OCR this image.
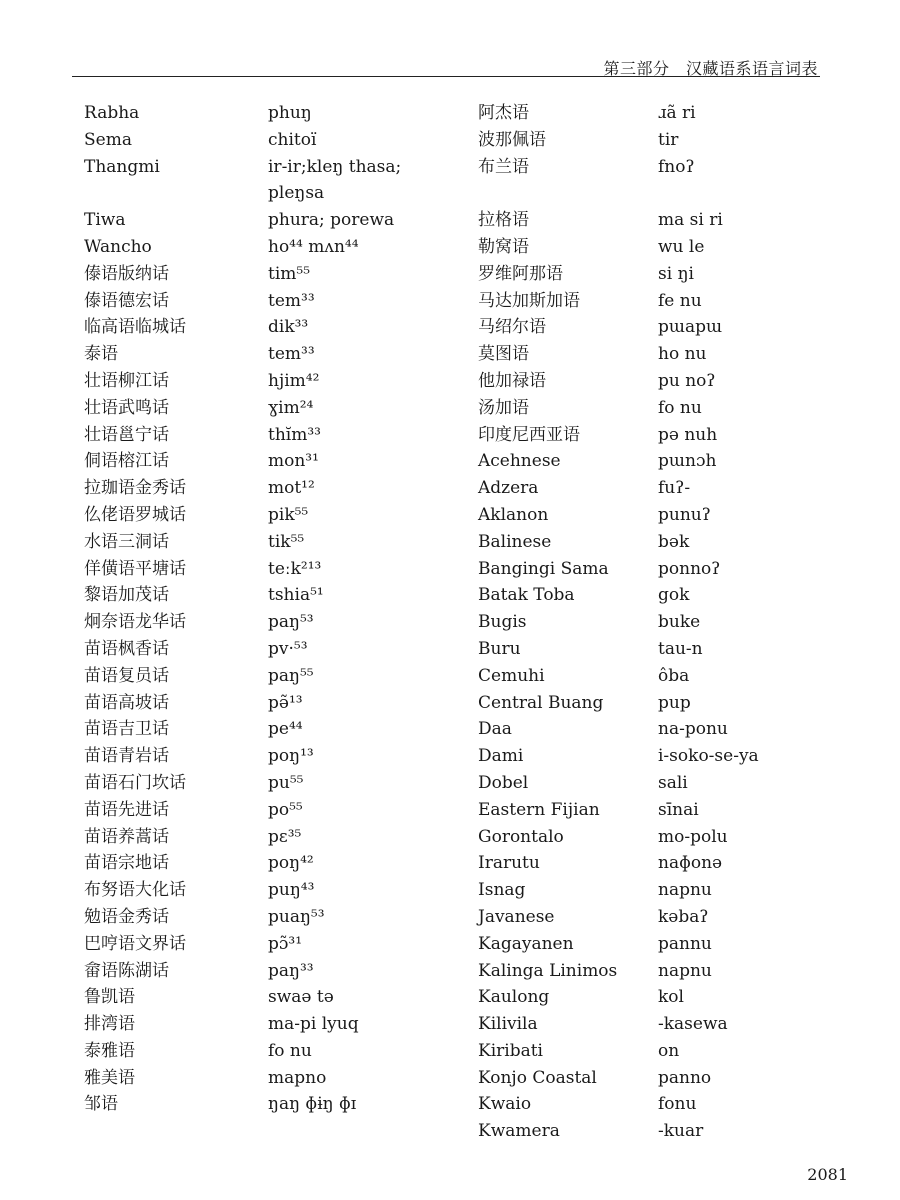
第三部分　汉藏语系语言词表
Rabha
Sema
Thangmi
Tiwa
Wancho
傣语版纳话
傣语德宏话
临高语临城话
泰语
壮语柳江话
壮语武鸣话
壮语邕宁话
侗语榕江话
拉珈语金秀话
仫佬语罗城话
水语三洞话
佯僙语平塘话
黎语加茂话
炯奈语龙华话
苗语枫香话
苗语复员话
苗语高坡话
苗语吉卫话
苗语青岩话
苗语石门坎话
苗语先进话
苗语养蒿话
苗语宗地话
布努语大化话
勉语金秀话
巴哼语文界话
畲语陈湖话
鲁凯语
排湾语
泰雅语
雅美语
邹语
phuŋ
chitoï
ir-ir;kleŋ thasa; pleŋsa
phura; porewa
ho⁴⁴ mʌn⁴⁴
tim⁵⁵
tem³³
dik³³
tem³³
hjim⁴²
ɣim²⁴
thĭm³³
mon³¹
mot¹²
pik⁵⁵
tik⁵⁵
teːk²¹³
tshia⁵¹
paŋ⁵³
pv·⁵³
paŋ⁵⁵
pə̃¹³
pe⁴⁴
poŋ¹³
pu⁵⁵
po⁵⁵
pɛ³⁵
poŋ⁴²
puŋ⁴³
puaŋ⁵³
pɔ̃³¹
paŋ³³
swaə tə
ma-pi lyuq
fo nu
mapno
ŋaŋ ɸɨŋ ɸɪ
阿杰语
波那佩语
布兰语
拉格语
勒窝语
罗维阿那语
马达加斯加语
马绍尔语
莫图语
他加禄语
汤加语
印度尼西亚语
Acehnese
Adzera
Aklanon
Balinese
Bangingi Sama
Batak Toba
Bugis
Buru
Cemuhi
Central Buang
Daa
Dami
Dobel
Eastern Fijian
Gorontalo
Irarutu
Isnag
Javanese
Kagayanen
Kalinga Linimos
Kaulong
Kilivila
Kiribati
Konjo Coastal
Kwaio
Kwamera
ɹã ri
tir
fnoʔ
ma si ri
wu le
si ŋi
fe nu
pɯapɯ
ho nu
pu noʔ
fo nu
pə nuh
pɯnɔh
fuʔ-
punuʔ
bək
ponnoʔ
gok
buke
tau-n
ôba
pup
na-ponu
i-soko-se-ya
sali
sīnai
mo-polu
naɸonə
napnu
kəbaʔ
pannu
napnu
kol
-kasewa
on
panno
fonu
-kuar
2081
